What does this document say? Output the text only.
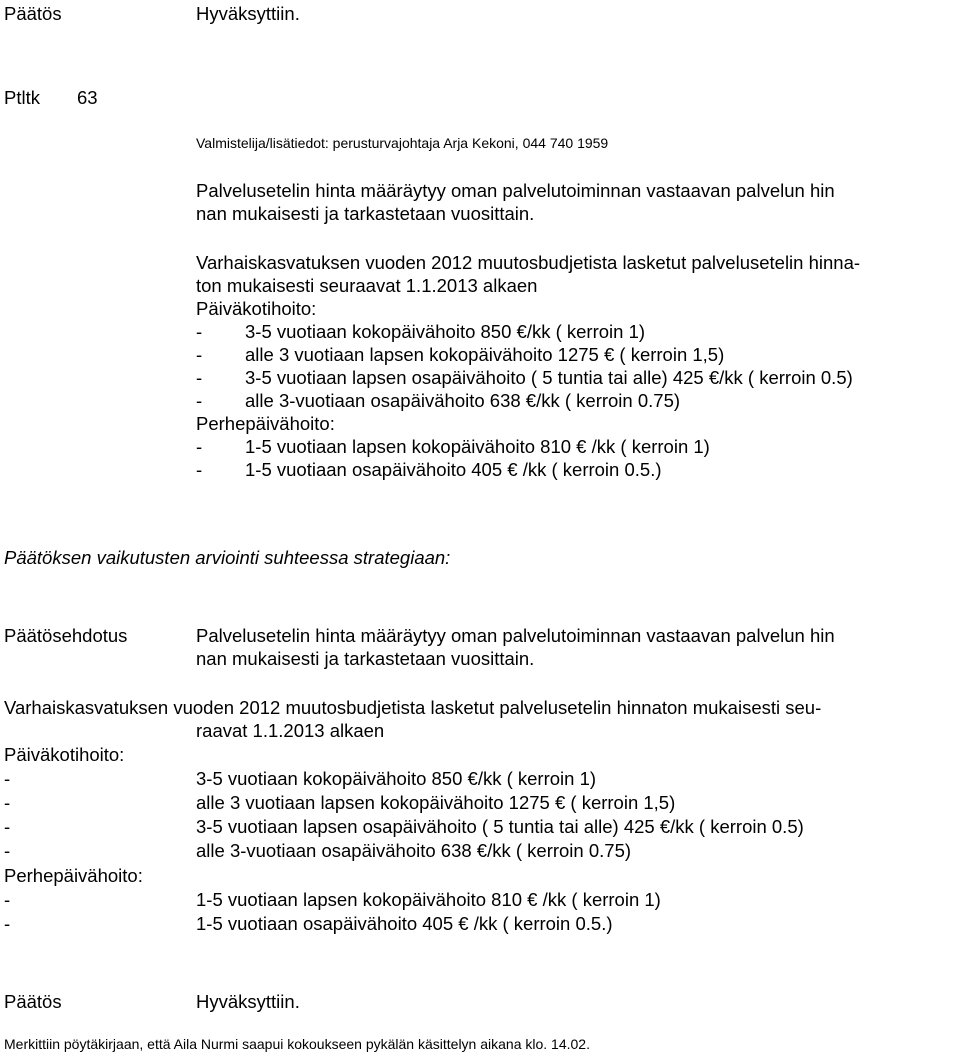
Päätös	Hyväksyttiin.
Ptltk 63
Valmistelija/lisätiedot: perusturvajohtaja Arja Kekoni, 044 740 1959
Palvelusetelin hinta määräytyy oman palvelutoiminnan vastaavan palvelun hin
nan mukaisesti ja tarkastetaan vuosittain.
Varhaiskasvatuksen vuoden 2012 muutosbudjetista lasketut palvelusetelin hinna-
ton mukaisesti seuraavat 1.1.2013 alkaen
Päiväkotihoito:
- 3-5 vuotiaan kokopäivähoito 850 €/kk ( kerroin 1)
- alle 3 vuotiaan lapsen kokopäivähoito 1275 € ( kerroin 1,5)
- 3-5 vuotiaan lapsen osapäivähoito ( 5 tuntia tai alle) 425 €/kk ( kerroin 0.5)
- alle 3-vuotiaan osapäivähoito 638 €/kk ( kerroin 0.75)
Perhepäivähoito:
- 1-5 vuotiaan lapsen kokopäivähoito 810 € /kk ( kerroin 1)
- 1-5 vuotiaan osapäivähoito 405 € /kk ( kerroin 0.5.)
Päätöksen vaikutusten arviointi suhteessa strategiaan:
Päätösehdotus	Palvelusetelin hinta määräytyy oman palvelutoiminnan vastaavan palvelun hin
nan mukaisesti ja tarkastetaan vuosittain.
Varhaiskasvatuksen vuoden 2012 muutosbudjetista lasketut palvelusetelin hinnaton mukaisesti seu-
raavat 1.1.2013 alkaen
Päiväkotihoito:
-	3-5 vuotiaan kokopäivähoito 850 €/kk ( kerroin 1)
-	alle 3 vuotiaan lapsen kokopäivähoito 1275 € ( kerroin 1,5)
-	3-5 vuotiaan lapsen osapäivähoito ( 5 tuntia tai alle) 425 €/kk ( kerroin 0.5)
-	alle 3-vuotiaan osapäivähoito 638 €/kk ( kerroin 0.75)
Perhepäivähoito:
-	1-5 vuotiaan lapsen kokopäivähoito 810 € /kk ( kerroin 1)
-	1-5 vuotiaan osapäivähoito 405 € /kk ( kerroin 0.5.)
Päätös	Hyväksyttiin.
Merkittiin pöytäkirjaan, että Aila Nurmi saapui kokoukseen pykälän käsittelyn aikana klo. 14.02.
